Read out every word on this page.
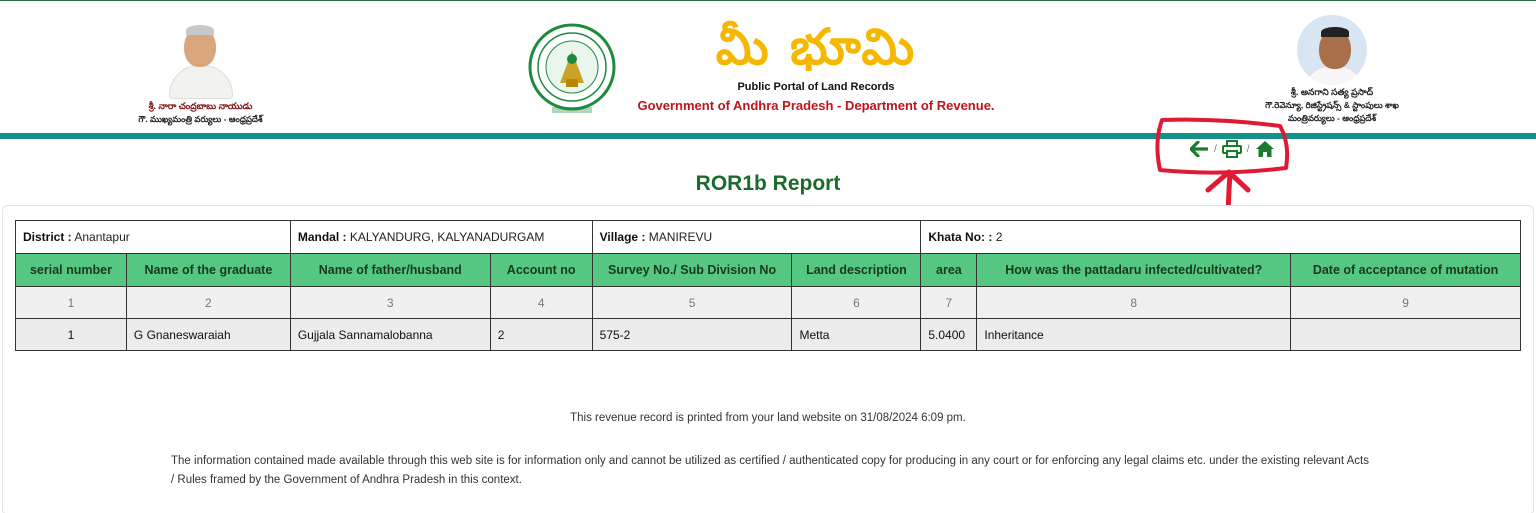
శ్రీ. నారా చంద్రబాబు నాయుడు
గౌ. ముఖ్యమంత్రి వర్యులు - ఆంధ్రప్రదేశ్
మీ భూమి
Public Portal of Land Records
Government of Andhra Pradesh - Department of Revenue.
శ్రీ. అనగాని సత్య ప్రసాద్
గౌ.రెవెన్యూ, రిజిస్ట్రేషన్స్ & స్టాంపులు శాఖ
మంత్రివర్యులు - ఆంధ్రప్రదేశ్
/	/
ROR1b Report
District : Anantapur		Mandal : KALYANDURG, KALYANADURGAM		Village : MANIREVU		Khata No: : 2		
serial number	Name of the graduate	Name of father/husband	Account no	Survey No./ Sub Division No	Land description	area	How was the pattadaru infected/cultivated?	Date of acceptance of mutation
1	2	3	4	5	6	7	8	9
1	G Gnaneswaraiah	Gujjala Sannamalobanna	2	575-2	Metta	5.0400	Inheritance	
This revenue record is printed from your land website on 31/08/2024 6:09 pm.
The information contained made available through this web site is for information only and cannot be utilized as certified / authenticated copy for producing in any court or for enforcing any legal claims etc. under the existing relevant Acts / Rules framed by the Government of Andhra Pradesh in this context.
